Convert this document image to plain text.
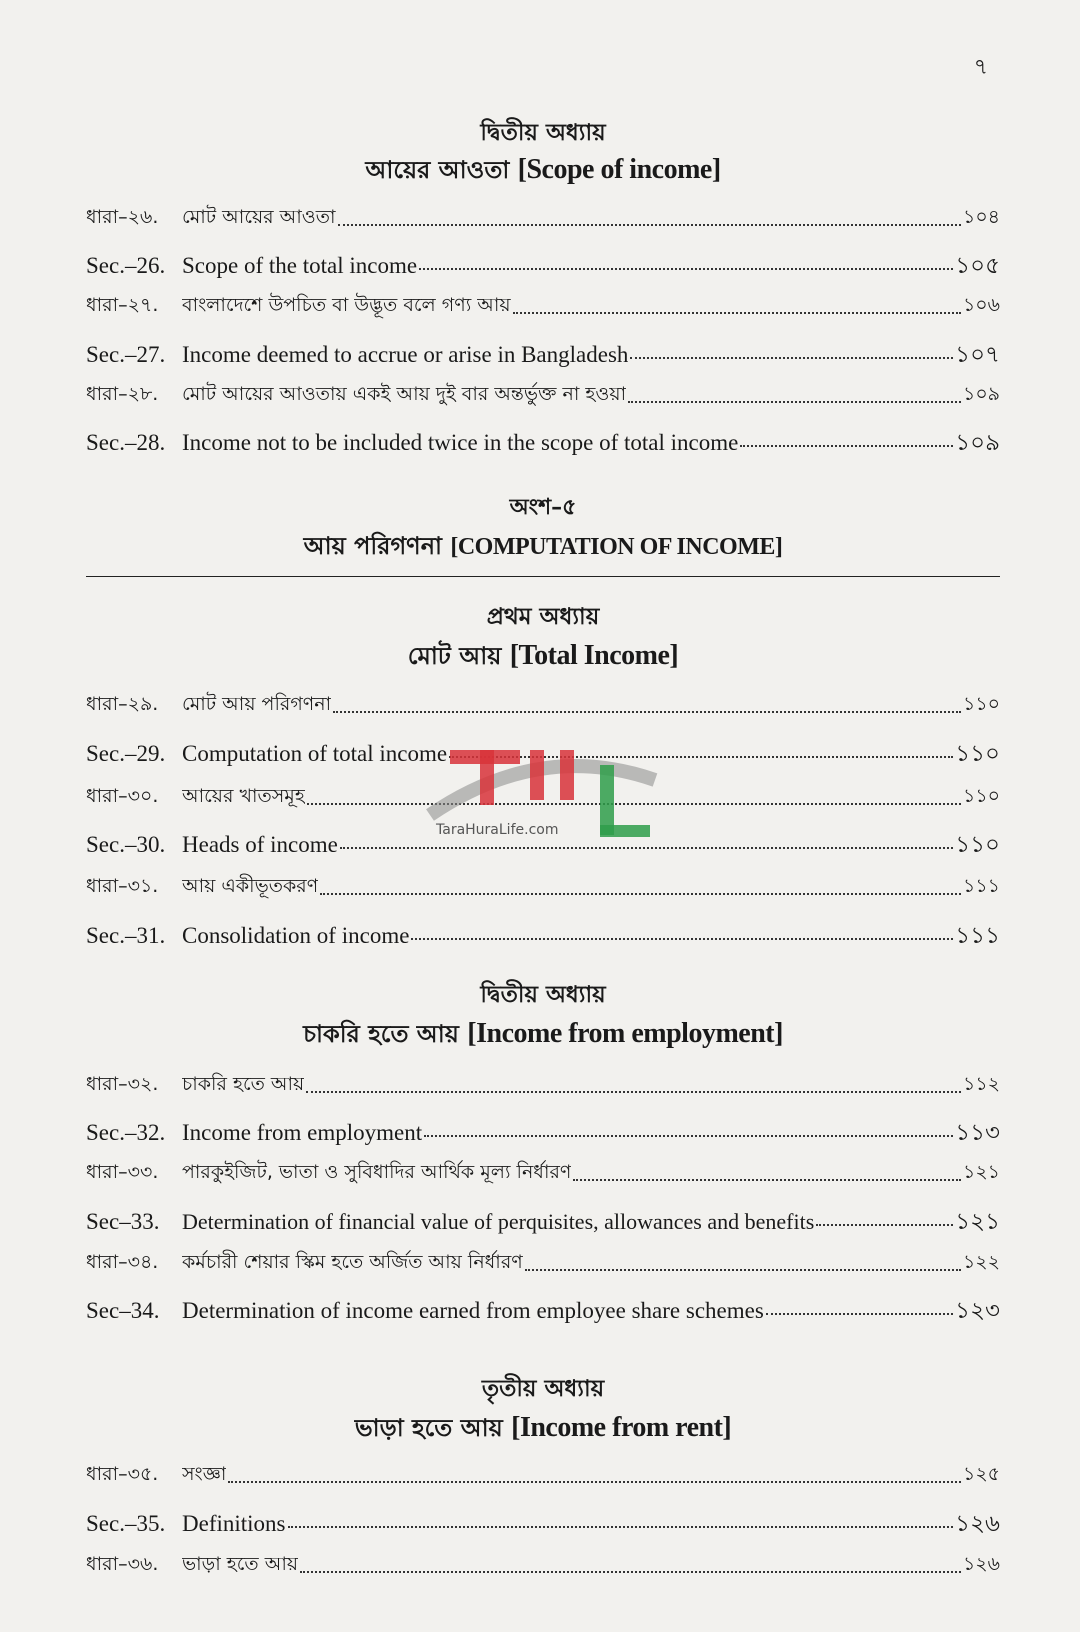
৭
দ্বিতীয় অধ্যায়
আয়ের আওতা [Scope of income]
ধারা–২৬.	মোট আয়ের আওতা	১০৪
Sec.–26. Scope of the total income	১০৫
ধারা–২৭.	বাংলাদেশে উপচিত বা উদ্ভূত বলে গণ্য আয়	১০৬
Sec.–27. Income deemed to accrue or arise in Bangladesh	১০৭
ধারা–২৮.	মোট আয়ের আওতায় একই আয় দুই বার অন্তর্ভুক্ত না হওয়া	১০৯
Sec.–28. Income not to be included twice in the scope of total income	১০৯
অংশ–৫
আয় পরিগণনা [COMPUTATION OF INCOME]
প্রথম অধ্যায়
মোট আয় [Total Income]
ধারা–২৯.	মোট আয় পরিগণনা	১১০
Sec.–29. Computation of total income	১১০
ধারা–৩০.	আয়ের খাতসমূহ	১১০
Sec.–30. Heads of income	১১০
ধারা–৩১.	আয় একীভূতকরণ	১১১
Sec.–31. Consolidation of income	১১১
দ্বিতীয় অধ্যায়
চাকরি হতে আয় [Income from employment]
ধারা–৩২.	চাকরি হতে আয়	১১২
Sec.–32. Income from employment	১১৩
ধারা–৩৩.	পারকুইজিট, ভাতা ও সুবিধাদির আর্থিক মূল্য নির্ধারণ	১২১
Sec–33.	Determination of financial value of perquisites, allowances and benefits	১২১
ধারা–৩৪.	কর্মচারী শেয়ার স্কিম হতে অর্জিত আয় নির্ধারণ	১২২
Sec–34. Determination of income earned from employee share schemes	১২৩
তৃতীয় অধ্যায়
ভাড়া হতে আয় [Income from rent]
ধারা–৩৫.	সংজ্ঞা	১২৫
Sec.–35. Definitions	১২৬
ধারা–৩৬.	ভাড়া হতে আয়	১২৬
TaraHuraLife.com
